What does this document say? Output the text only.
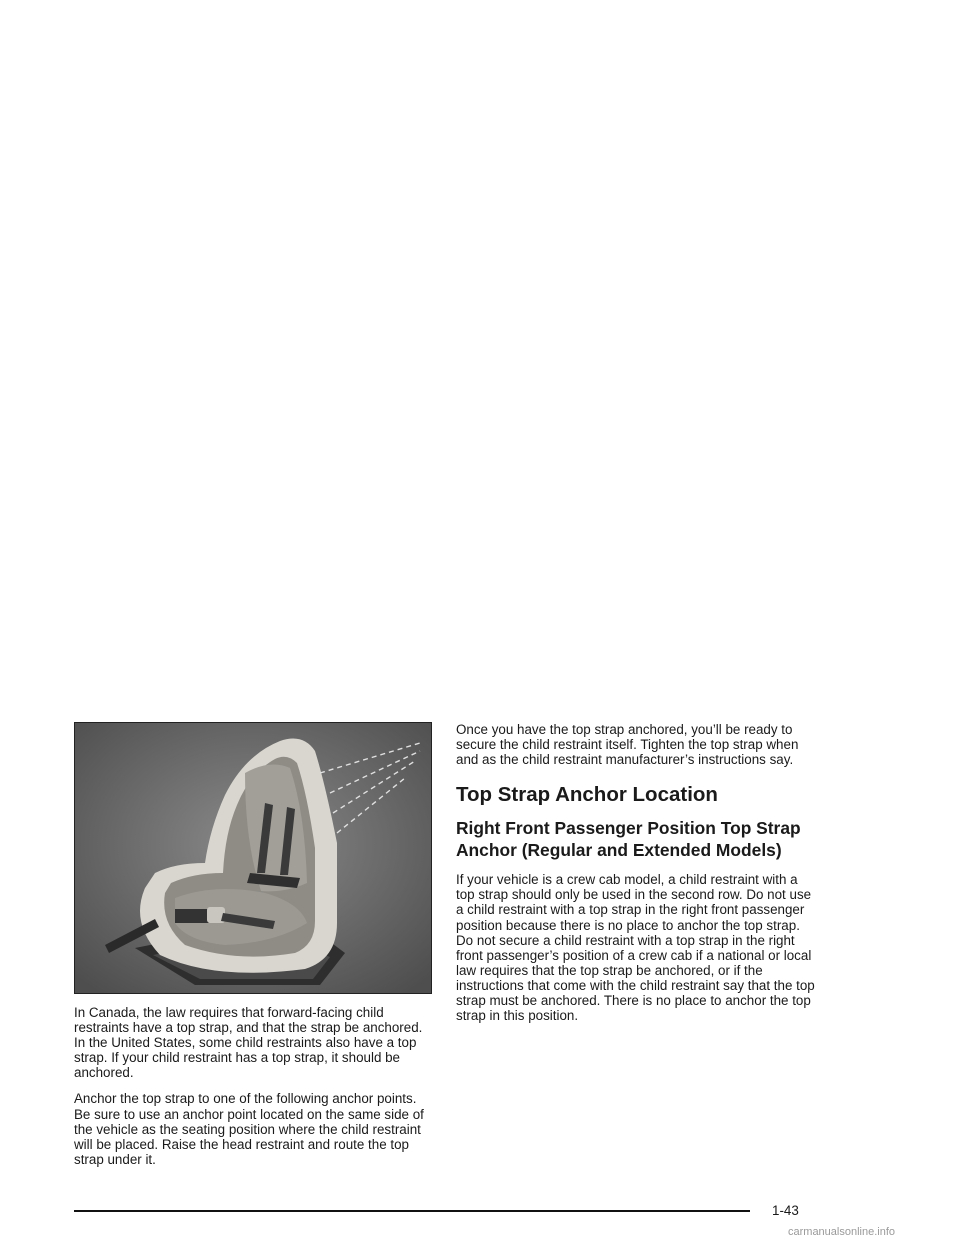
In Canada, the law requires that forward-facing child restraints have a top strap, and that the strap be anchored. In the United States, some child restraints also have a top strap. If your child restraint has a top strap, it should be anchored.

Anchor the top strap to one of the following anchor points. Be sure to use an anchor point located on the same side of the vehicle as the seating position where the child restraint will be placed. Raise the head restraint and route the top strap under it.

Once you have the top strap anchored, you’ll be ready to secure the child restraint itself. Tighten the top strap when and as the child restraint manufacturer’s instructions say.

Top Strap Anchor Location
Right Front Passenger Position Top Strap Anchor (Regular and Extended Models)

If your vehicle is a crew cab model, a child restraint with a top strap should only be used in the second row. Do not use a child restraint with a top strap in the right front passenger position because there is no place to anchor the top strap. Do not secure a child restraint with a top strap in the right front passenger’s position of a crew cab if a national or local law requires that the top strap be anchored, or if the instructions that come with the child restraint say that the top strap must be anchored. There is no place to anchor the top strap in this position.

1-43
carmanualsonline.info
